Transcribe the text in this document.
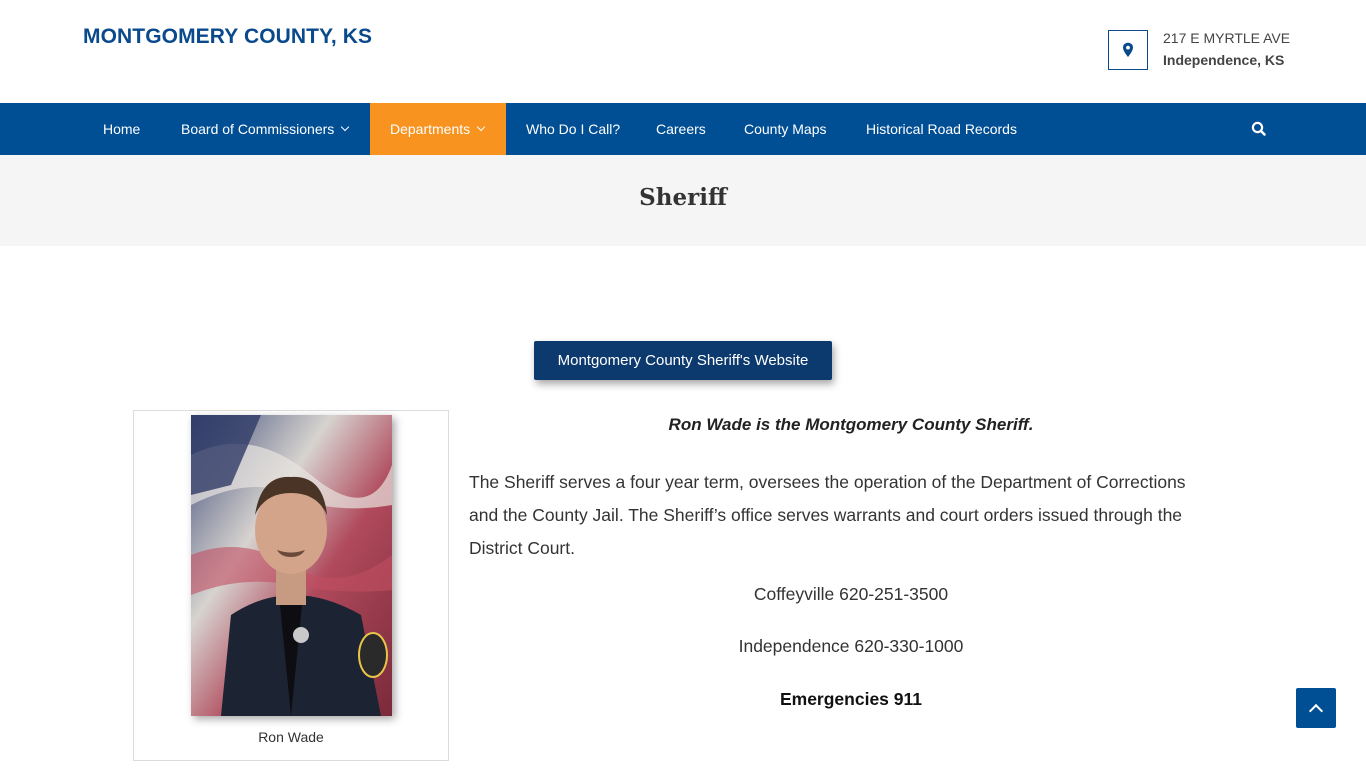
MONTGOMERY COUNTY, KS	217 E MYRTLE AVE
Independence, KS
Home	Board of Commissioners	Departments	Who Do I Call?	Careers	County Maps	Historical Road Records
Sheriff
Montgomery County Sheriff's Website
Ron Wade

Ron Wade is the Montgomery County Sheriff.

The Sheriff serves a four year term, oversees the operation of the Department of Corrections and the County Jail. The Sheriff’s office serves warrants and court orders issued through the District Court.

Coffeyville 620-251-3500

Independence 620-330-1000

Emergencies 911
